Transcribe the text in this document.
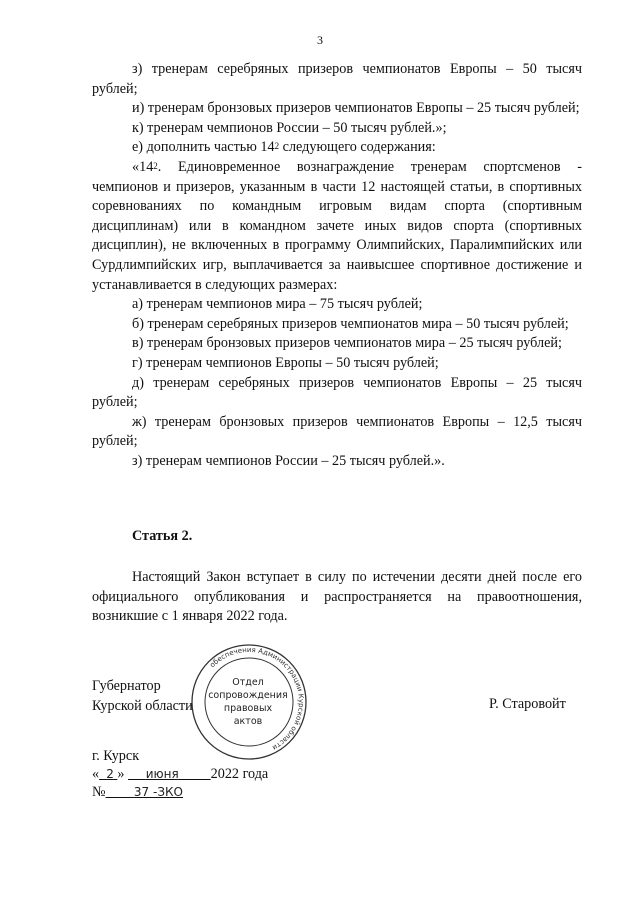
3

з) тренерам серебряных призеров чемпионатов Европы – 50 тысяч рублей;

и) тренерам бронзовых призеров чемпионатов Европы – 25 тысяч рублей;

к) тренерам чемпионов России – 50 тысяч рублей.»;

е) дополнить частью $14^2$ следующего содержания:

«$14^2$. Единовременное вознаграждение тренерам спортсменов - чемпионов и призеров, указанным в части 12 настоящей статьи, в спортивных соревнованиях по командным игровым видам спорта (спортивным дисциплинам) или в командном зачете иных видов спорта (спортивных дисциплин), не включенных в программу Олимпийских, Паралимпийских или Сурдлимпийских игр, выплачивается за наивысшее спортивное достижение и устанавливается в следующих размерах:

а) тренерам чемпионов мира – 75 тысяч рублей;

б) тренерам серебряных призеров чемпионатов мира – 50 тысяч рублей;

в) тренерам бронзовых призеров чемпионатов мира – 25 тысяч рублей;

г) тренерам чемпионов Европы – 50 тысяч рублей;

д) тренерам серебряных призеров чемпионатов Европы – 25 тысяч рублей;

ж) тренерам бронзовых призеров чемпионатов Европы – 12,5 тысяч рублей;

з) тренерам чемпионов России – 25 тысяч рублей.».

Статья 2.
Настоящий Закон вступает в силу по истечении десяти дней после его официального опубликования и распространяется на правоотношения, возникшие с 1 января 2022 года.
Губернатор
Курской области
обеспечения Администрации Курской области
Отдел
сопровождения
правовых
актов
Р. Старовойт
г. Курск
« 2 » июня 2022 года
№ 37 -ЗКО
